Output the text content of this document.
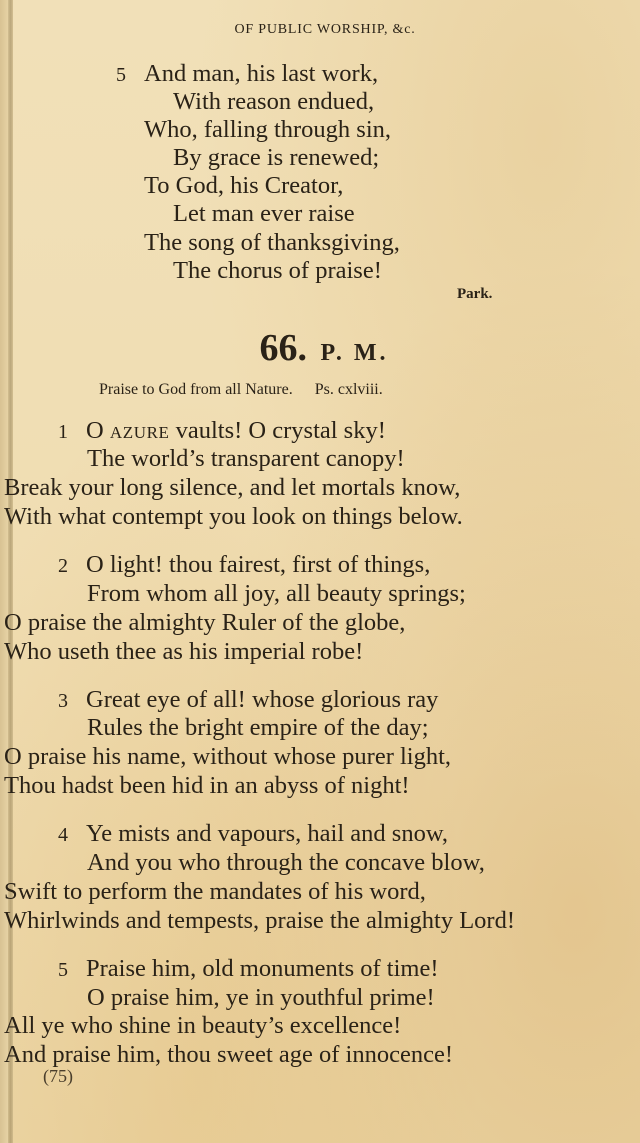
OF PUBLIC WORSHIP, &c.
5 And man, his last work,
With reason endued,
Who, falling through sin,
By grace is renewed;
To God, his Creator,
Let man ever raise
The song of thanksgiving,
The chorus of praise!
Park.
66. P. M.
Praise to God from all Nature. Ps. cxlviii.
1 O azure vaults! O crystal sky!
The world’s transparent canopy!
Break your long silence, and let mortals know,
With what contempt you look on things below.
2 O light! thou fairest, first of things,
From whom all joy, all beauty springs;
O praise the almighty Ruler of the globe,
Who useth thee as his imperial robe!
3 Great eye of all! whose glorious ray
Rules the bright empire of the day;
O praise his name, without whose purer light,
Thou hadst been hid in an abyss of night!
4 Ye mists and vapours, hail and snow,
And you who through the concave blow,
Swift to perform the mandates of his word,
Whirlwinds and tempests, praise the almighty Lord!
5 Praise him, old monuments of time!
O praise him, ye in youthful prime!
All ye who shine in beauty’s excellence!
And praise him, thou sweet age of innocence!
(75)
